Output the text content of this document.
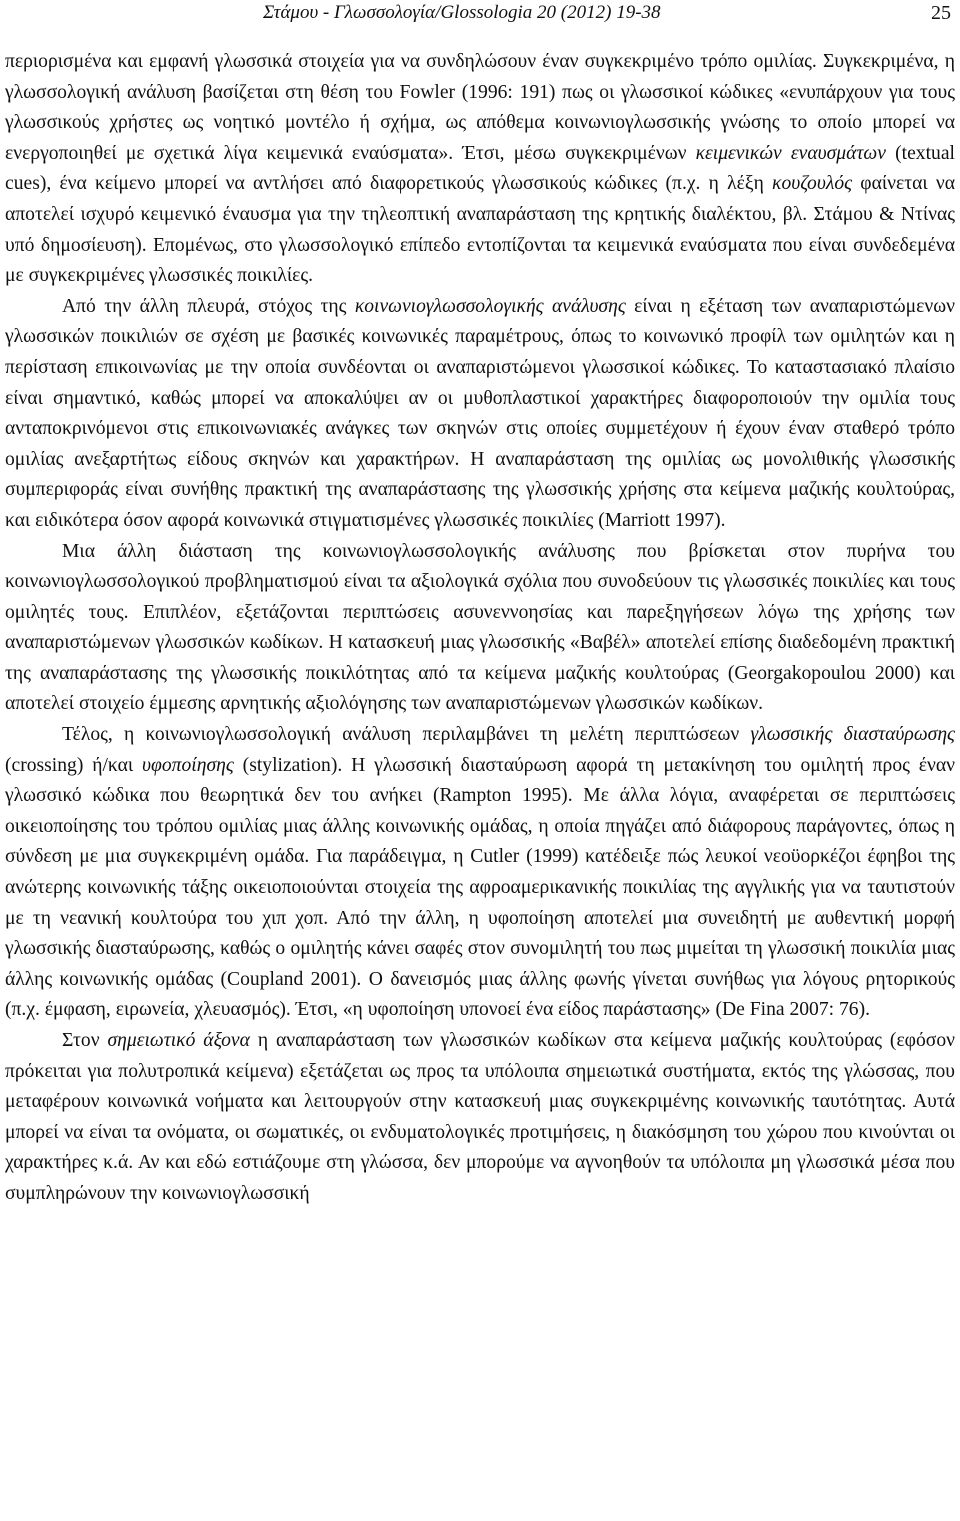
Στάμου - Γλωσσολογία/Glossologia 20 (2012) 19-38	25

περιορισμένα και εμφανή γλωσσικά στοιχεία για να συνδηλώσουν έναν συγκεκριμένο τρόπο ομιλίας. Συγκεκριμένα, η γλωσσολογική ανάλυση βασίζεται στη θέση του Fowler (1996: 191) πως οι γλωσσικοί κώδικες «ενυπάρχουν για τους γλωσσικούς χρήστες ως νοητικό μοντέλο ή σχήμα, ως απόθεμα κοινωνιογλωσσικής γνώσης το οποίο μπορεί να ενεργοποιηθεί με σχετικά λίγα κειμενικά εναύσματα». Έτσι, μέσω συγκεκριμένων κειμενικών εναυσμάτων (textual cues), ένα κείμενο μπορεί να αντλήσει από διαφορετικούς γλωσσικούς κώδικες (π.χ. η λέξη κουζουλός φαίνεται να αποτελεί ισχυρό κειμενικό έναυσμα για την τηλεοπτική αναπαράσταση της κρητικής διαλέκτου, βλ. Στάμου & Ντίνας υπό δημοσίευση). Επομένως, στο γλωσσολογικό επίπεδο εντοπίζονται τα κειμενικά εναύσματα που είναι συνδεδεμένα με συγκεκριμένες γλωσσικές ποικιλίες.

Από την άλλη πλευρά, στόχος της κοινωνιογλωσσολογικής ανάλυσης είναι η εξέταση των αναπαριστώμενων γλωσσικών ποικιλιών σε σχέση με βασικές κοινωνικές παραμέτρους, όπως το κοινωνικό προφίλ των ομιλητών και η περίσταση επικοινωνίας με την οποία συνδέονται οι αναπαριστώμενοι γλωσσικοί κώδικες. Το καταστασιακό πλαίσιο είναι σημαντικό, καθώς μπορεί να αποκαλύψει αν οι μυθοπλαστικοί χαρακτήρες διαφοροποιούν την ομιλία τους ανταποκρινόμενοι στις επικοινωνιακές ανάγκες των σκηνών στις οποίες συμμετέχουν ή έχουν έναν σταθερό τρόπο ομιλίας ανεξαρτήτως είδους σκηνών και χαρακτήρων. Η αναπαράσταση της ομιλίας ως μονολιθικής γλωσσικής συμπεριφοράς είναι συνήθης πρακτική της αναπαράστασης της γλωσσικής χρήσης στα κείμενα μαζικής κουλτούρας, και ειδικότερα όσον αφορά κοινωνικά στιγματισμένες γλωσσικές ποικιλίες (Marriott 1997).

Μια άλλη διάσταση της κοινωνιογλωσσολογικής ανάλυσης που βρίσκεται στον πυρήνα του κοινωνιογλωσσολογικού προβληματισμού είναι τα αξιολογικά σχόλια που συνοδεύουν τις γλωσσικές ποικιλίες και τους ομιλητές τους. Επιπλέον, εξετάζονται περιπτώσεις ασυνεννοησίας και παρεξηγήσεων λόγω της χρήσης των αναπαριστώμενων γλωσσικών κωδίκων. Η κατασκευή μιας γλωσσικής «Βαβέλ» αποτελεί επίσης διαδεδομένη πρακτική της αναπαράστασης της γλωσσικής ποικιλότητας από τα κείμενα μαζικής κουλτούρας (Georgakopoulou 2000) και αποτελεί στοιχείο έμμεσης αρνητικής αξιολόγησης των αναπαριστώμενων γλωσσικών κωδίκων.

Τέλος, η κοινωνιογλωσσολογική ανάλυση περιλαμβάνει τη μελέτη περιπτώσεων γλωσσικής διασταύρωσης (crossing) ή/και υφοποίησης (stylization). Η γλωσσική διασταύρωση αφορά τη μετακίνηση του ομιλητή προς έναν γλωσσικό κώδικα που θεωρητικά δεν του ανήκει (Rampton 1995). Με άλλα λόγια, αναφέρεται σε περιπτώσεις οικειοποίησης του τρόπου ομιλίας μιας άλλης κοινωνικής ομάδας, η οποία πηγάζει από διάφορους παράγοντες, όπως η σύνδεση με μια συγκεκριμένη ομάδα. Για παράδειγμα, η Cutler (1999) κατέδειξε πώς λευκοί νεοϋορκέζοι έφηβοι της ανώτερης κοινωνικής τάξης οικειοποιούνται στοιχεία της αφροαμερικανικής ποικιλίας της αγγλικής για να ταυτιστούν με τη νεανική κουλτούρα του χιπ χοπ. Από την άλλη, η υφοποίηση αποτελεί μια συνειδητή με αυθεντική μορφή γλωσσικής διασταύρωσης, καθώς ο ομιλητής κάνει σαφές στον συνομιλητή του πως μιμείται τη γλωσσική ποικιλία μιας άλλης κοινωνικής ομάδας (Coupland 2001). Ο δανεισμός μιας άλλης φωνής γίνεται συνήθως για λόγους ρητορικούς (π.χ. έμφαση, ειρωνεία, χλευασμός). Έτσι, «η υφοποίηση υπονοεί ένα είδος παράστασης» (De Fina 2007: 76).

Στον σημειωτικό άξονα η αναπαράσταση των γλωσσικών κωδίκων στα κείμενα μαζικής κουλτούρας (εφόσον πρόκειται για πολυτροπικά κείμενα) εξετάζεται ως προς τα υπόλοιπα σημειωτικά συστήματα, εκτός της γλώσσας, που μεταφέρουν κοινωνικά νοήματα και λειτουργούν στην κατασκευή μιας συγκεκριμένης κοινωνικής ταυτότητας. Αυτά μπορεί να είναι τα ονόματα, οι σωματικές, οι ενδυματολογικές προτιμήσεις, η διακόσμηση του χώρου που κινούνται οι χαρακτήρες κ.ά. Αν και εδώ εστιάζουμε στη γλώσσα, δεν μπορούμε να αγνοηθούν τα υπόλοιπα μη γλωσσικά μέσα που συμπληρώνουν την κοινωνιογλωσσική
